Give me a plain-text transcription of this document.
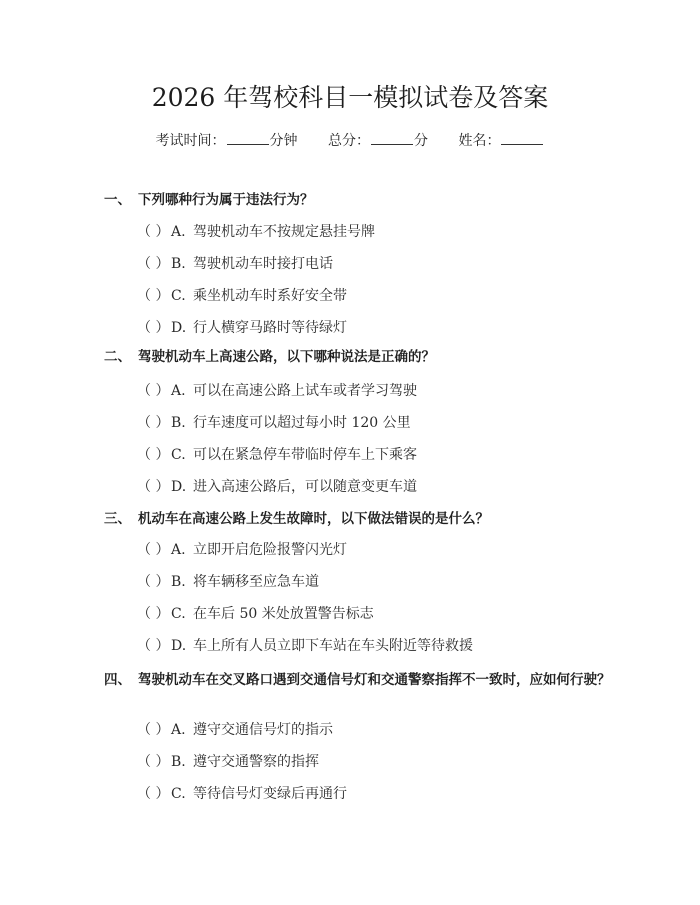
2026 年驾校科目一模拟试卷及答案
考试时间：	分钟 总分：	分 姓名：
一、 下列哪种行为属于违法行为？
（ ） A. 驾驶机动车不按规定悬挂号牌
（ ） B. 驾驶机动车时接打电话
（ ） C. 乘坐机动车时系好安全带
（ ） D. 行人横穿马路时等待绿灯
二、 驾驶机动车上高速公路，以下哪种说法是正确的？
（ ） A. 可以在高速公路上试车或者学习驾驶
（ ） B. 行车速度可以超过每小时 120 公里
（ ） C. 可以在紧急停车带临时停车上下乘客
（ ） D. 进入高速公路后，可以随意变更车道
三、 机动车在高速公路上发生故障时，以下做法错误的是什么？
（ ） A. 立即开启危险报警闪光灯
（ ） B. 将车辆移至应急车道
（ ） C. 在车后 50 米处放置警告标志
（ ） D. 车上所有人员立即下车站在车头附近等待救援
四、 驾驶机动车在交叉路口遇到交通信号灯和交通警察指挥不一致时，应如何行驶？
（ ） A. 遵守交通信号灯的指示
（ ） B. 遵守交通警察的指挥
（ ） C. 等待信号灯变绿后再通行
